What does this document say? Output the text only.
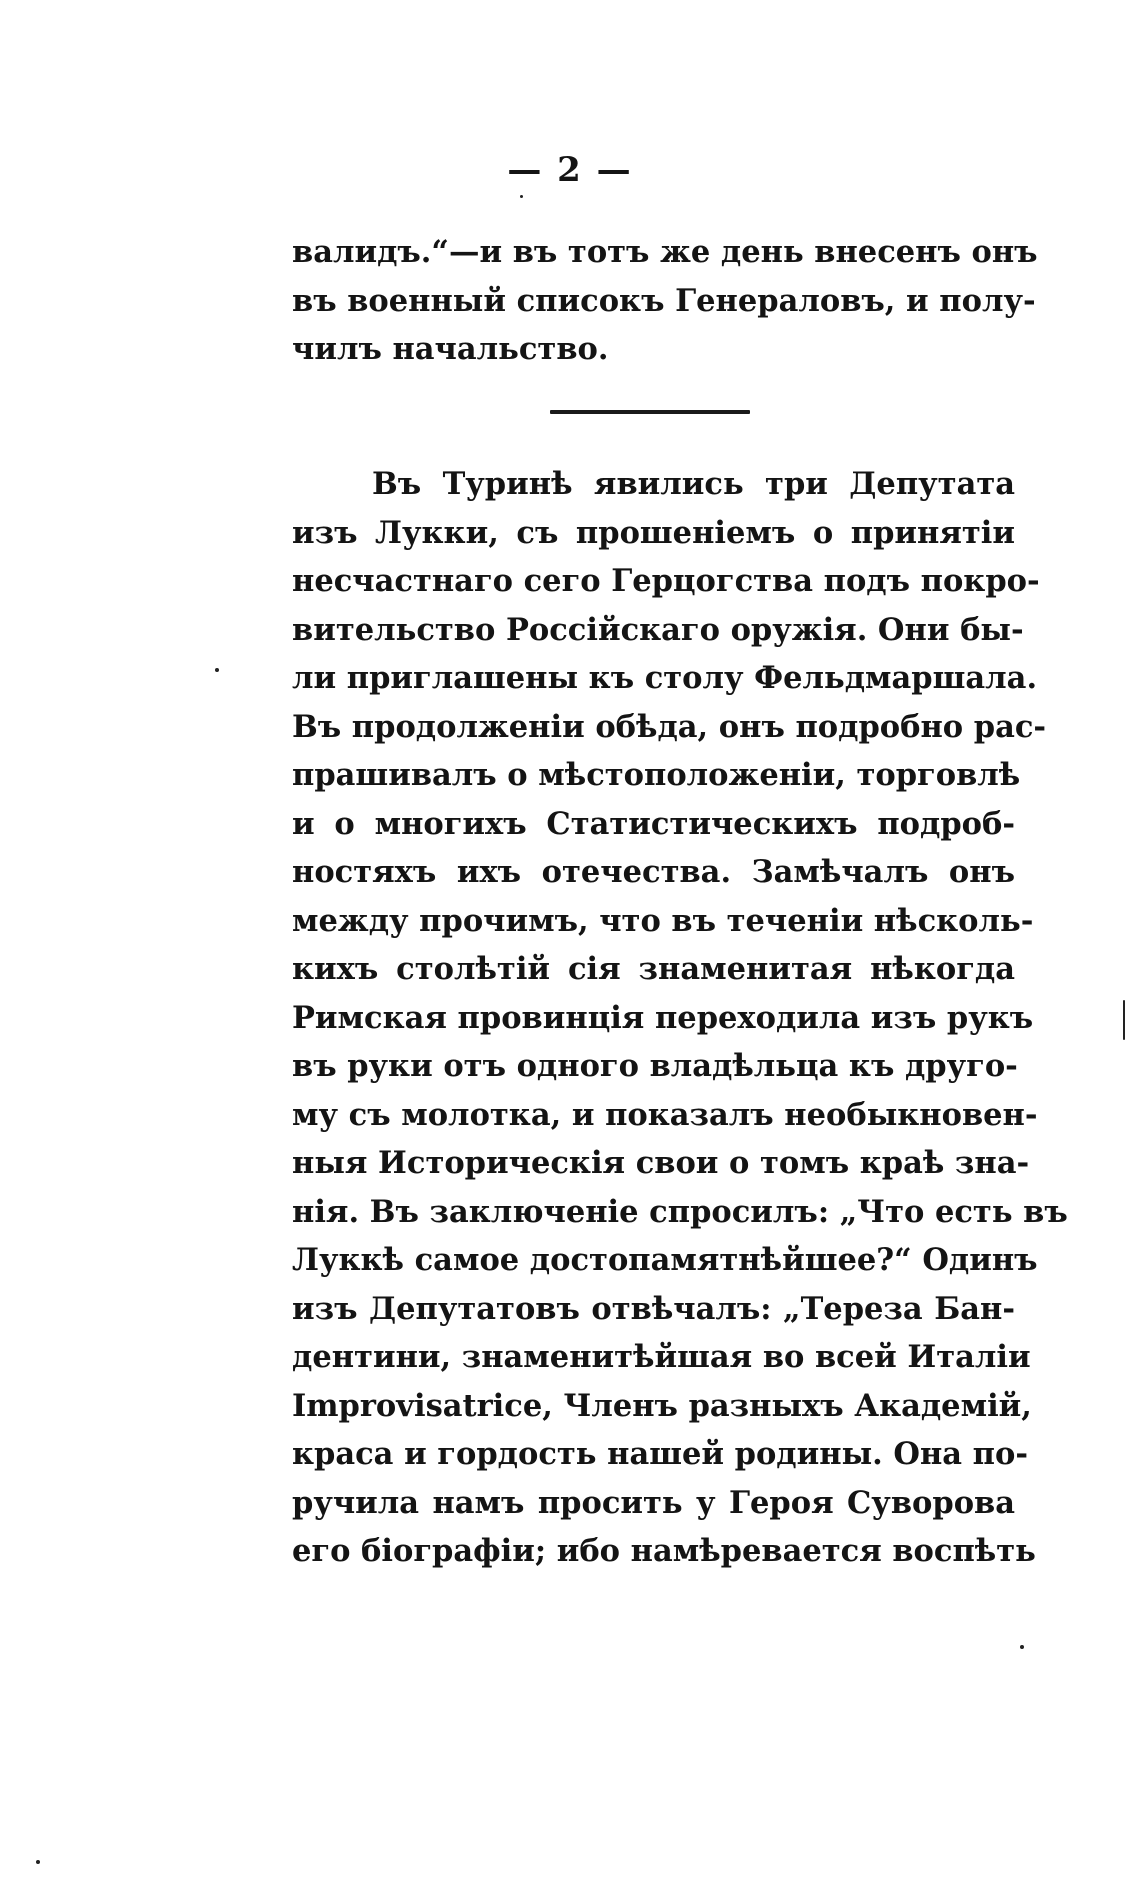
— 2 —
валидъ.“—и въ тотъ же день внесенъ онъ
въ военный списокъ Генераловъ, и полу-
чилъ начальство.
Въ Туринѣ явились три Депутата
изъ Лукки, съ прошеніемъ о принятіи
несчастнаго сего Герцогства подъ покро-
вительство Россійскаго оружія. Они бы-
ли приглашены къ столу Фельдмаршала.
Въ продолженіи обѣда, онъ подробно рас-
прашивалъ о мѣстоположеніи, торговлѣ
и о многихъ Статистическихъ подроб-
ностяхъ ихъ отечества. Замѣчалъ онъ
между прочимъ, что въ теченіи нѣсколь-
кихъ столѣтій сія знаменитая нѣкогда
Римская провинція переходила изъ рукъ
въ руки отъ одного владѣльца къ друго-
му съ молотка, и показалъ необыкновен-
ныя Историческія свои о томъ краѣ зна-
нія. Въ заключеніе спросилъ: „Что есть въ
Луккѣ самое достопамятнѣйшее?“ Одинъ
изъ Депутатовъ отвѣчалъ: „Тереза Бан-
дентини, знаменитѣйшая во всей Италіи
Improvisatrice, Членъ разныхъ Академій,
краса и гордость нашей родины. Она по-
ручила намъ просить у Героя Суворова
его біографіи; ибо намѣревается воспѣть
